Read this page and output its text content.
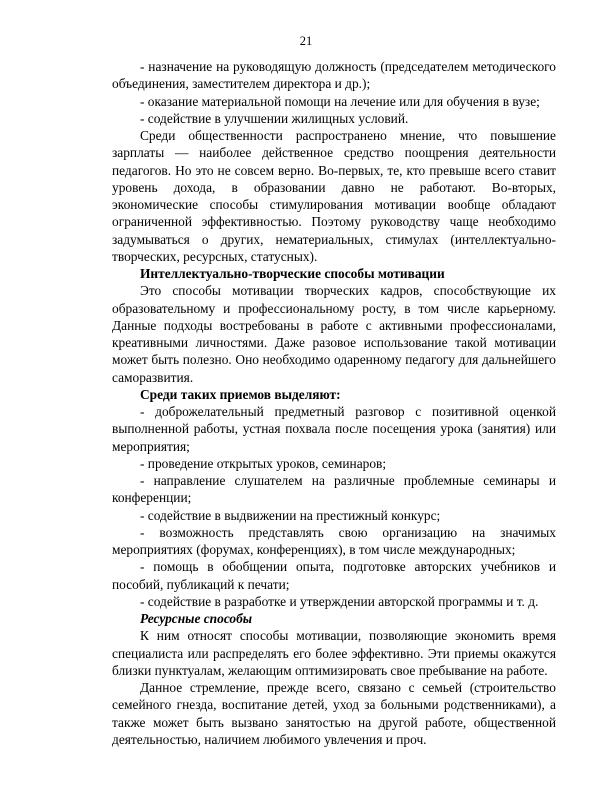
21

- назначение на руководящую должность (председателем методического объединения, заместителем директора и др.);

- оказание материальной помощи на лечение или для обучения в вузе;

- содействие в улучшении жилищных условий.

Среди общественности распространено мнение, что повышение зарплаты — наиболее действенное средство поощрения деятельности педагогов. Но это не совсем верно. Во-первых, те, кто превыше всего ставит уровень дохода, в образовании давно не работают. Во-вторых, экономические способы стимулирования мотивации вообще обладают ограниченной эффективностью. Поэтому руководству чаще необходимо задумываться о других, нематериальных, стимулах (интеллектуально-творческих, ресурсных, статусных).

Интеллектуально-творческие способы мотивации

Это способы мотивации творческих кадров, способствующие их образовательному и профессиональному росту, в том числе карьерному. Данные подходы востребованы в работе с активными профессионалами, креативными личностями. Даже разовое использование такой мотивации может быть полезно. Оно необходимо одаренному педагогу для дальнейшего саморазвития.

Среди таких приемов выделяют:

- доброжелательный предметный разговор с позитивной оценкой выполненной работы, устная похвала после посещения урока (занятия) или мероприятия;

- проведение открытых уроков, семинаров;

- направление слушателем на различные проблемные семинары и конференции;

- содействие в выдвижении на престижный конкурс;

- возможность представлять свою организацию на значимых мероприятиях (форумах, конференциях), в том числе международных;

- помощь в обобщении опыта, подготовке авторских учебников и пособий, публикаций к печати;

- содействие в разработке и утверждении авторской программы и т. д.

Ресурсные способы

К ним относят способы мотивации, позволяющие экономить время специалиста или распределять его более эффективно. Эти приемы окажутся близки пунктуалам, желающим оптимизировать свое пребывание на работе.

Данное стремление, прежде всего, связано с семьей (строительство семейного гнезда, воспитание детей, уход за больными родственниками), а также может быть вызвано занятостью на другой работе, общественной деятельностью, наличием любимого увлечения и проч.
